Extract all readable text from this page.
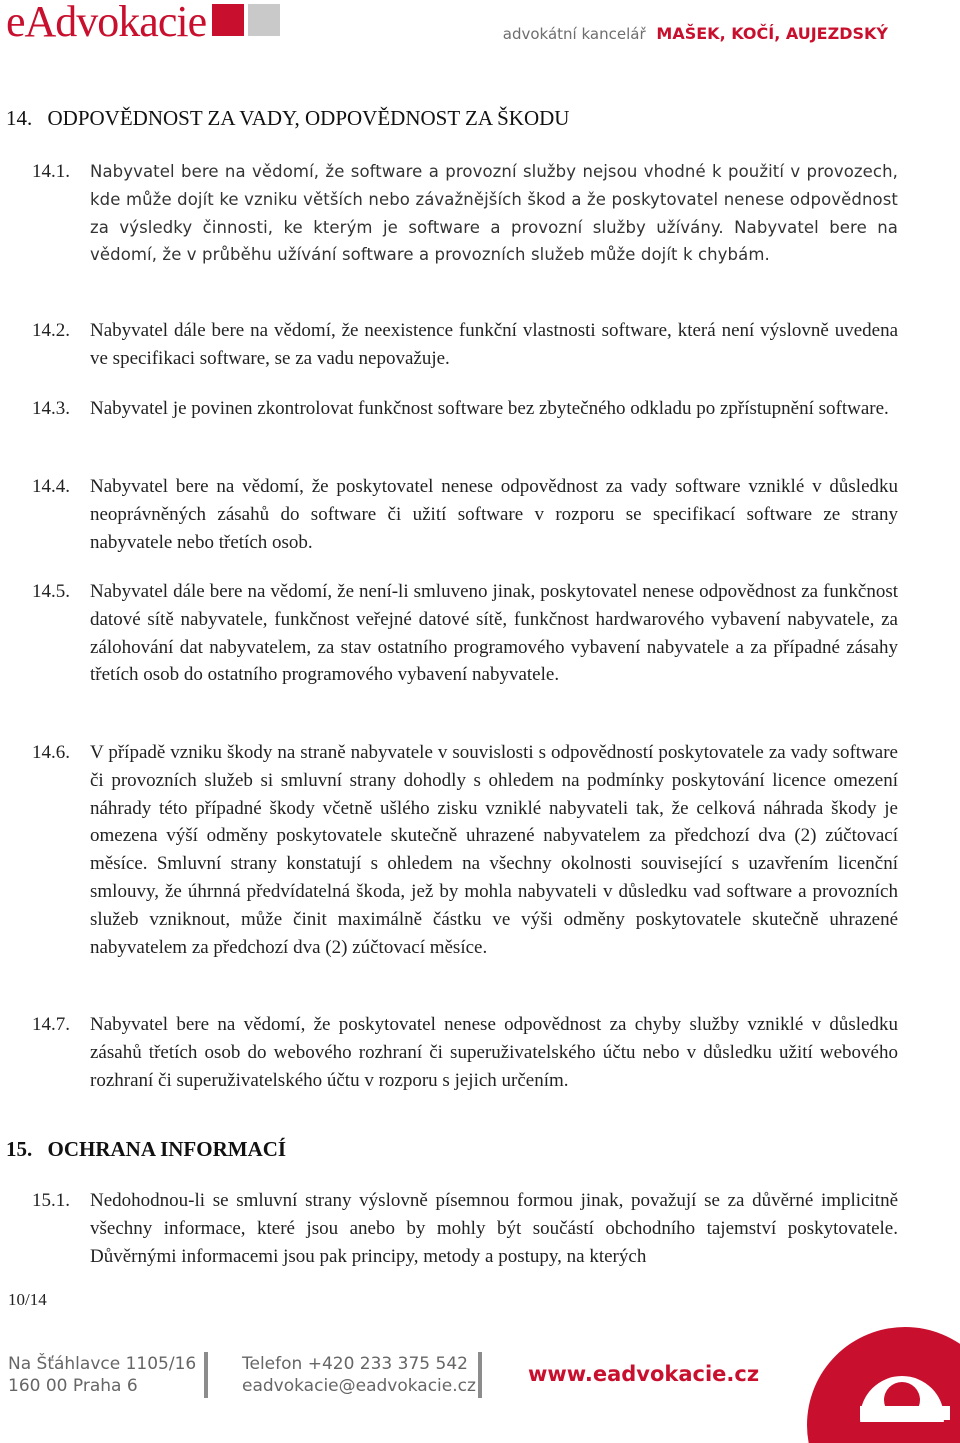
eAdvokacie	advokátní kancelář MAŠEK, KOČÍ, AUJEZDSKÝ
14. ODPOVĚDNOST ZA VADY, ODPOVĚDNOST ZA ŠKODU
14.1.	Nabyvatel bere na vědomí, že software a provozní služby nejsou vhodné k použití v provozech, kde může dojít ke vzniku větších nebo závažnějších škod a že poskytovatel nenese odpovědnost za výsledky činnosti, ke kterým je software a provozní služby užívány. Nabyvatel bere na vědomí, že v průběhu užívání software a provozních služeb může dojít k chybám.
14.2.	Nabyvatel dále bere na vědomí, že neexistence funkční vlastnosti software, která není výslovně uvedena ve specifikaci software, se za vadu nepovažuje.
14.3.	Nabyvatel je povinen zkontrolovat funkčnost software bez zbytečného odkladu po zpřístupnění software.
14.4.	Nabyvatel bere na vědomí, že poskytovatel nenese odpovědnost za vady software vzniklé v důsledku neoprávněných zásahů do software či užití software v rozporu se specifikací software ze strany nabyvatele nebo třetích osob.
14.5.	Nabyvatel dále bere na vědomí, že není-li smluveno jinak, poskytovatel nenese odpovědnost za funkčnost datové sítě nabyvatele, funkčnost veřejné datové sítě, funkčnost hardwarového vybavení nabyvatele, za zálohování dat nabyvatelem, za stav ostatního programového vybavení nabyvatele a za případné zásahy třetích osob do ostatního programového vybavení nabyvatele.
14.6.	V případě vzniku škody na straně nabyvatele v souvislosti s odpovědností poskytovatele za vady software či provozních služeb si smluvní strany dohodly s ohledem na podmínky poskytování licence omezení náhrady této případné škody včetně ušlého zisku vzniklé nabyvateli tak, že celková náhrada škody je omezena výší odměny poskytovatele skutečně uhrazené nabyvatelem za předchozí dva (2) zúčtovací měsíce. Smluvní strany konstatují s ohledem na všechny okolnosti související s uzavřením licenční smlouvy, že úhrnná předvídatelná škoda, jež by mohla nabyvateli v důsledku vad software a provozních služeb vzniknout, může činit maximálně částku ve výši odměny poskytovatele skutečně uhrazené nabyvatelem za předchozí dva (2) zúčtovací měsíce.
14.7.	Nabyvatel bere na vědomí, že poskytovatel nenese odpovědnost za chyby služby vzniklé v důsledku zásahů třetích osob do webového rozhraní či superuživatelského účtu nebo v důsledku užití webového rozhraní či superuživatelského účtu v rozporu s jejich určením.
15. OCHRANA INFORMACÍ
15.1.	Nedohodnou-li se smluvní strany výslovně písemnou formou jinak, považují se za důvěrné implicitně všechny informace, které jsou anebo by mohly být součástí obchodního tajemství poskytovatele. Důvěrnými informacemi jsou pak principy, metody a postupy, na kterých
10/14
Na Šťáhlavce 1105/16
160 00 Praha 6
Telefon +420 233 375 542
eadvokacie@eadvokacie.cz www.eadvokacie.cz
